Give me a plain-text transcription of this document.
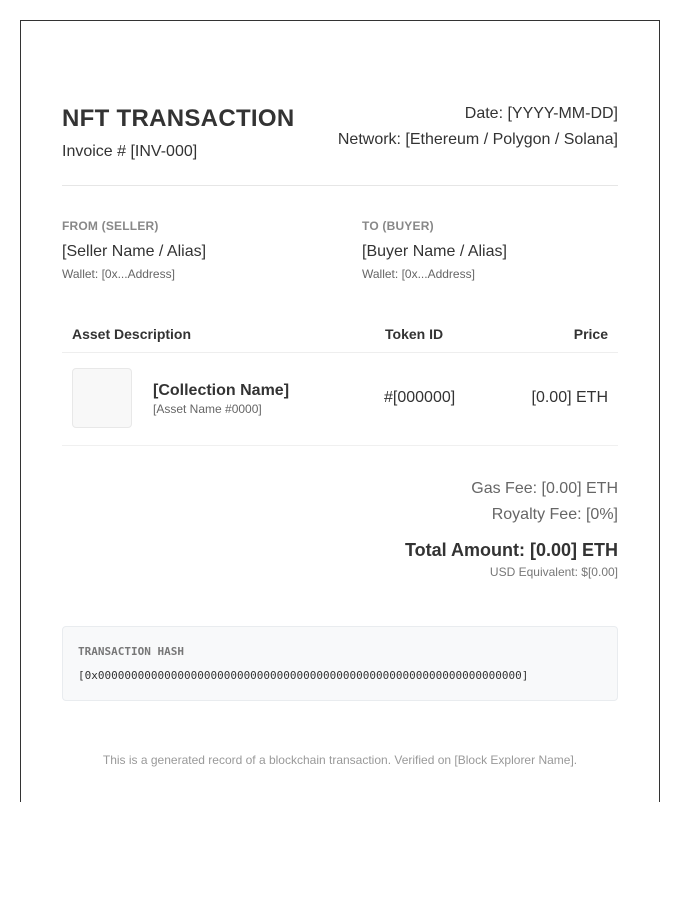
NFT TRANSACTION
Invoice # [INV-000]
Date: [YYYY-MM-DD]
Network: [Ethereum / Polygon / Solana]
FROM (SELLER)
[Seller Name / Alias]
Wallet: [0x...Address]
TO (BUYER)
[Buyer Name / Alias]
Wallet: [0x...Address]
Asset Description	Token ID	Price
[Collection Name]
[Asset Name #0000]
#[000000]	[0.00] ETH
Gas Fee: [0.00] ETH
Royalty Fee: [0%]
Total Amount: [0.00] ETH
USD Equivalent: $[0.00]
TRANSACTION HASH
[0x0000000000000000000000000000000000000000000000000000000000000000]
This is a generated record of a blockchain transaction. Verified on [Block Explorer Name].
